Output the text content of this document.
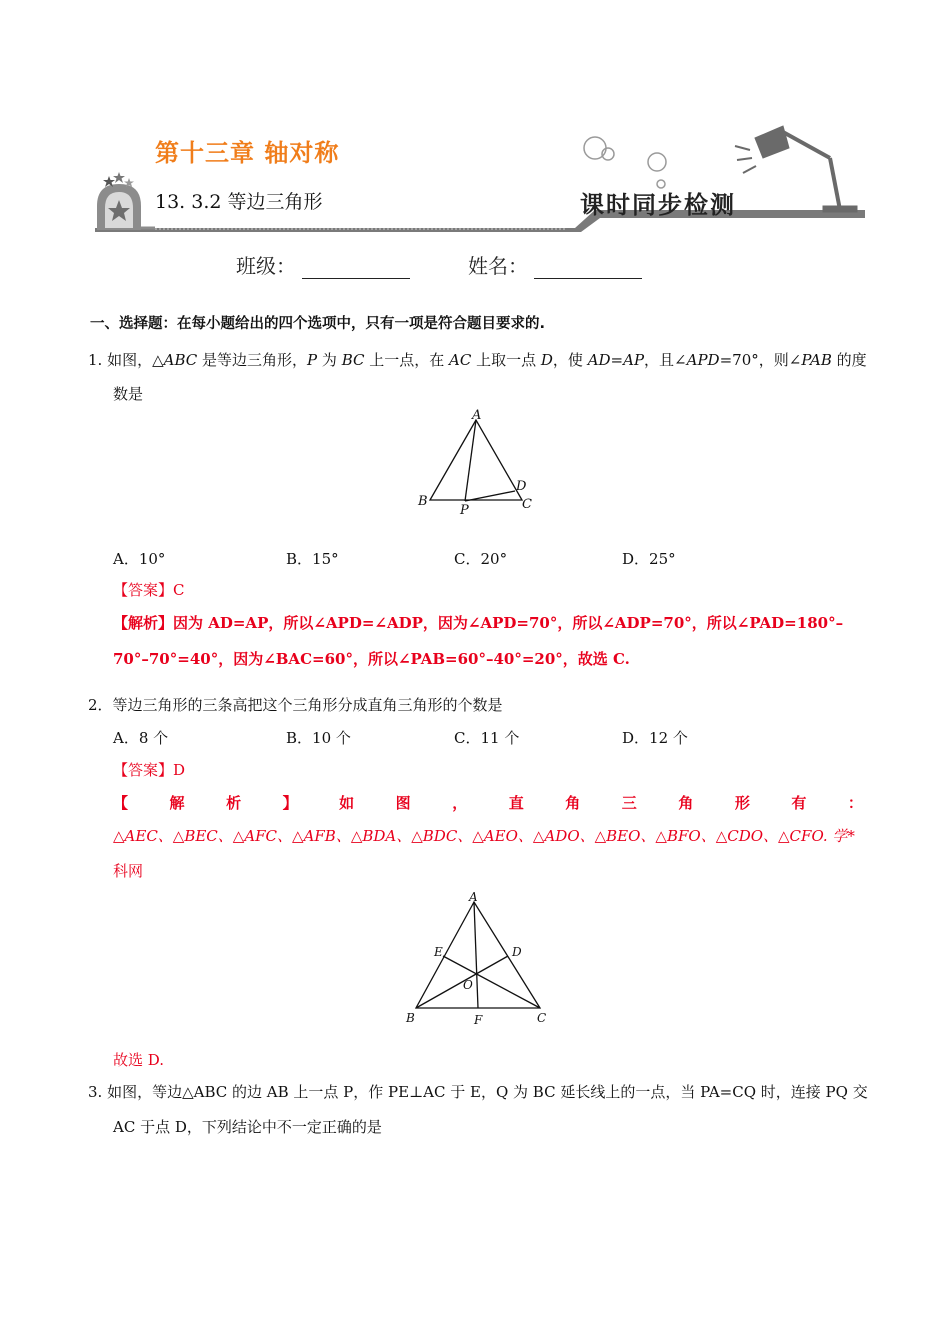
第十三章 轴对称
13. 3.2 等边三角形	课时同步检测
班级：	姓名：
一、选择题：在每小题给出的四个选项中，只有一项是符合题目要求的.
1. 如图，△ABC 是等边三角形，P 为 BC 上一点，在 AC 上取一点 D，使 AD=AP，且∠APD=70°，则∠PAB 的度
数是
A
B	C
D
P
A．10°	B．15°	C．20°	D．25°
【答案】C
【解析】因为 AD=AP，所以∠APD=∠ADP，因为∠APD=70°，所以∠ADP=70°，所以∠PAD=180°–
70°–70°=40°，因为∠BAC=60°，所以∠PAB=60°–40°=20°，故选 C.
2．等边三角形的三条高把这个三角形分成直角三角形的个数是
A．8 个	B．10 个	C．11 个	D．12 个
【答案】D
【	解	析	】	如	图	，	直	角	三	角	形	有	：
△AEC、△BEC、△AFC、△AFB、△BDA、△BDC、△AEO、△ADO、△BEO、△BFO、△CDO、△CFO. 学*
科网
A
B	C
D
E
F
O
故选 D.
3. 如图，等边△ABC 的边 AB 上一点 P，作 PE⊥AC 于 E，Q 为 BC 延长线上的一点，当 PA=CQ 时，连接 PQ 交
AC 于点 D，下列结论中不一定正确的是
